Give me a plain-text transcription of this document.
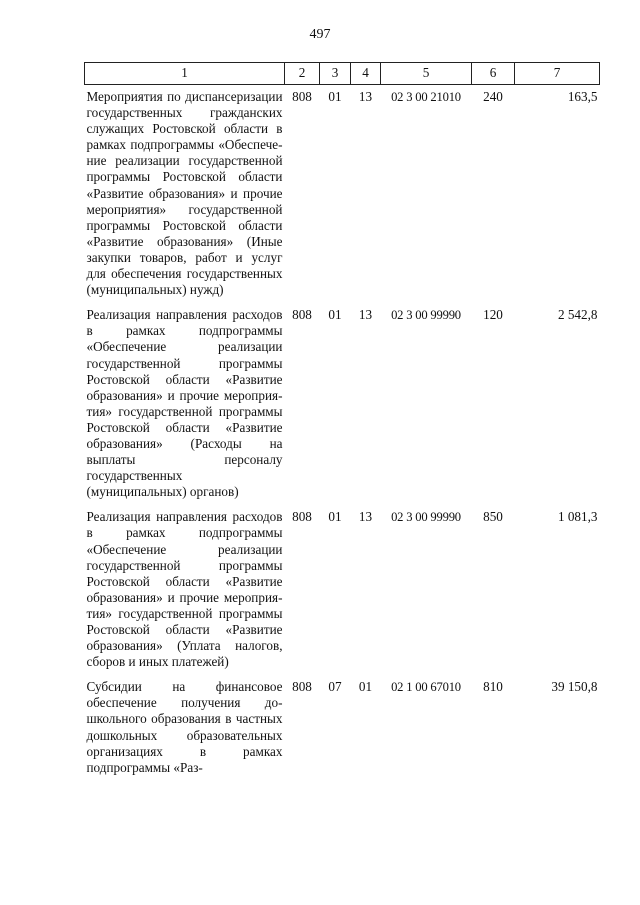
497
1	2	3	4	5	6	7
Мероприятия по диспансеризации государственных гражданских служащих Ростовской области в рамках подпрограммы «Обеспечение реализации государственной программы Ростовской области «Развитие образования» и прочие мероприятия» государственной программы Ростовской области «Развитие образования» (Иные закупки товаров, работ и услуг для обеспечения государственных (муниципальных) нужд)	808	01	13	02 3 00 21010	240	163,5
Реализация направления расходов в рамках подпрограммы «Обеспечение реализации государственной программы Ростовской области «Развитие образования» и прочие мероприятия» государственной программы Ростовской области «Развитие образования» (Расходы на выплаты персоналу государственных (муниципальных) органов)	808	01	13	02 3 00 99990	120	2 542,8
Реализация направления расходов в рамках подпрограммы «Обеспечение реализации государственной программы Ростовской области «Развитие образования» и прочие мероприятия» государственной программы Ростовской области «Развитие образования» (Уплата налогов, сборов и иных платежей)	808	01	13	02 3 00 99990	850	1 081,3
Субсидии на финансовое обеспечение получения дошкольного образования в частных дошкольных образовательных организациях в рамках подпрограммы «Раз-	808	07	01	02 1 00 67010	810	39 150,8
